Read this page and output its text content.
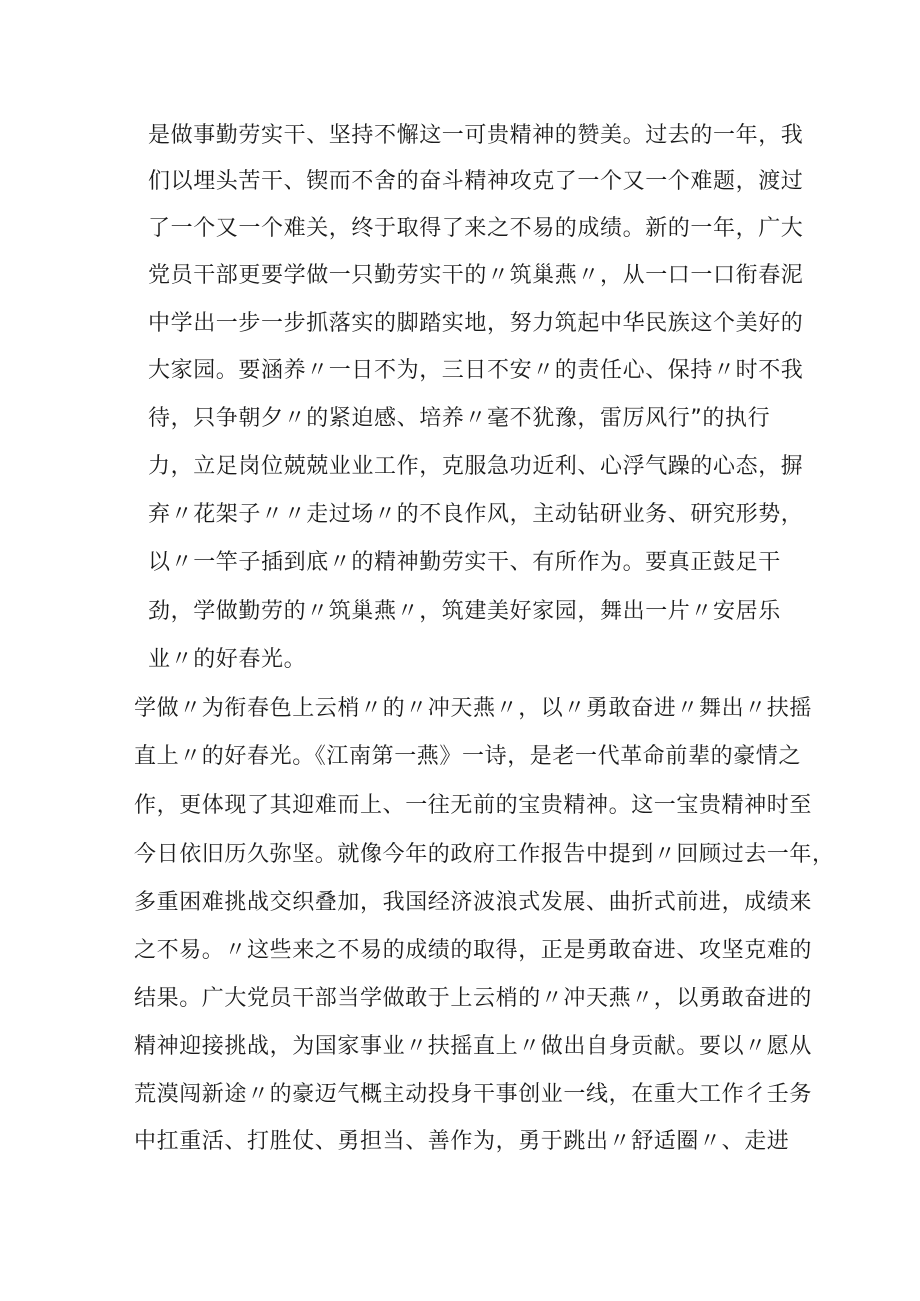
是做事勤劳实干、坚持不懈这一可贵精神的赞美。过去的一年，我
们以埋头苦干、锲而不舍的奋斗精神攻克了一个又一个难题，渡过
了一个又一个难关，终于取得了来之不易的成绩。新的一年，广大
党员干部更要学做一只勤劳实干的〃筑巢燕〃，从一口一口衔春泥
中学出一步一步抓落实的脚踏实地，努力筑起中华民族这个美好的
大家园。要涵养〃一日不为，三日不安〃的责任心、保持〃时不我
待，只争朝夕〃的紧迫感、培养〃毫不犹豫，雷厉风行”的执行
力，立足岗位兢兢业业工作，克服急功近利、心浮气躁的心态，摒
弃〃花架子〃〃走过场〃的不良作风，主动钻研业务、研究形势，
以〃一竿子插到底〃的精神勤劳实干、有所作为。要真正鼓足干
劲，学做勤劳的〃筑巢燕〃，筑建美好家园，舞出一片〃安居乐
业〃的好春光。
学做〃为衔春色上云梢〃的〃冲天燕〃，以〃勇敢奋进〃舞出〃扶摇
直上〃的好春光。《江南第一燕》一诗，是老一代革命前辈的豪情之
作，更体现了其迎难而上、一往无前的宝贵精神。这一宝贵精神时至
今日依旧历久弥坚。就像今年的政府工作报告中提到〃回顾过去一年，
多重困难挑战交织叠加，我国经济波浪式发展、曲折式前进，成绩来
之不易。〃这些来之不易的成绩的取得，正是勇敢奋进、攻坚克难的
结果。广大党员干部当学做敢于上云梢的〃冲天燕〃，以勇敢奋进的
精神迎接挑战，为国家事业〃扶摇直上〃做出自身贡献。要以〃愿从
荒漠闯新途〃的豪迈气概主动投身干事创业一线，在重大工作彳壬务
中扛重活、打胜仗、勇担当、善作为，勇于跳出〃舒适圈〃、走进
